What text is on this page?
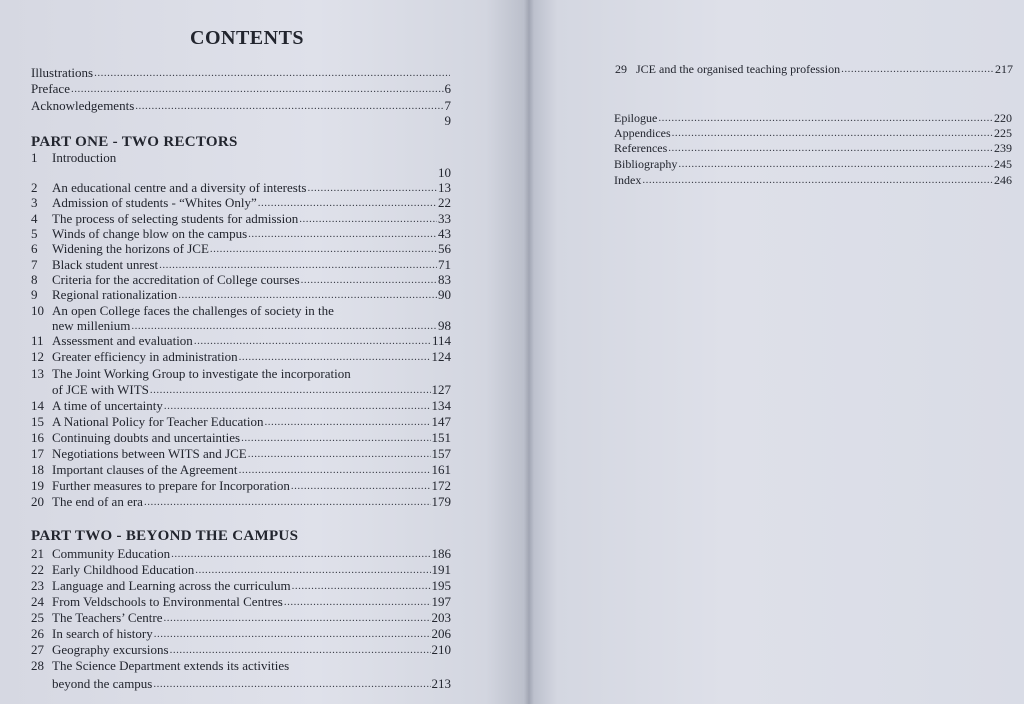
CONTENTS
Illustrations
.....
Preface .....	6
Acknowledgements .....	7
9
PART ONE - TWO RECTORS
1	Introduction
10
2	An educational centre and a diversity of interests .....	13
3	Admission of students - “Whites Only” .....	22
4	The process of selecting students for admission .....	33
5	Winds of change blow on the campus .....	43
6	Widening the horizons of JCE .....	56
7	Black student unrest .....	71
8	Criteria for the accreditation of College courses .....	83
9	Regional rationalization .....	90
10 An open College faces the challenges of society in the
new millenium .....	98
11 Assessment and evaluation .....	114
12 Greater efficiency in administration .....	124
13 The Joint Working Group to investigate the incorporation
of JCE with WITS .....	127
14 A time of uncertainty .....	134
15 A National Policy for Teacher Education .....	147
16 Continuing doubts and uncertainties .....	151
17 Negotiations between WITS and JCE .....	157
18 Important clauses of the Agreement .....	161
19 Further measures to prepare for Incorporation .....	172
20 The end of an era .....	179
PART TWO - BEYOND THE CAMPUS
21 Community Education .....	186
22 Early Childhood Education .....	191
23 Language and Learning across the curriculum .....	195
24 From Veldschools to Environmental Centres .....	197
25 The Teachers’ Centre .....	203
26 In search of history .....	206
27 Geography excursions .....	210
28 The Science Department extends its activities
beyond the campus .....	213
29 JCE and the organised teaching profession .....	217
Epilogue .....	220
Appendices .....	225
References .....	239
Bibliography .....	245
Index .....	246
